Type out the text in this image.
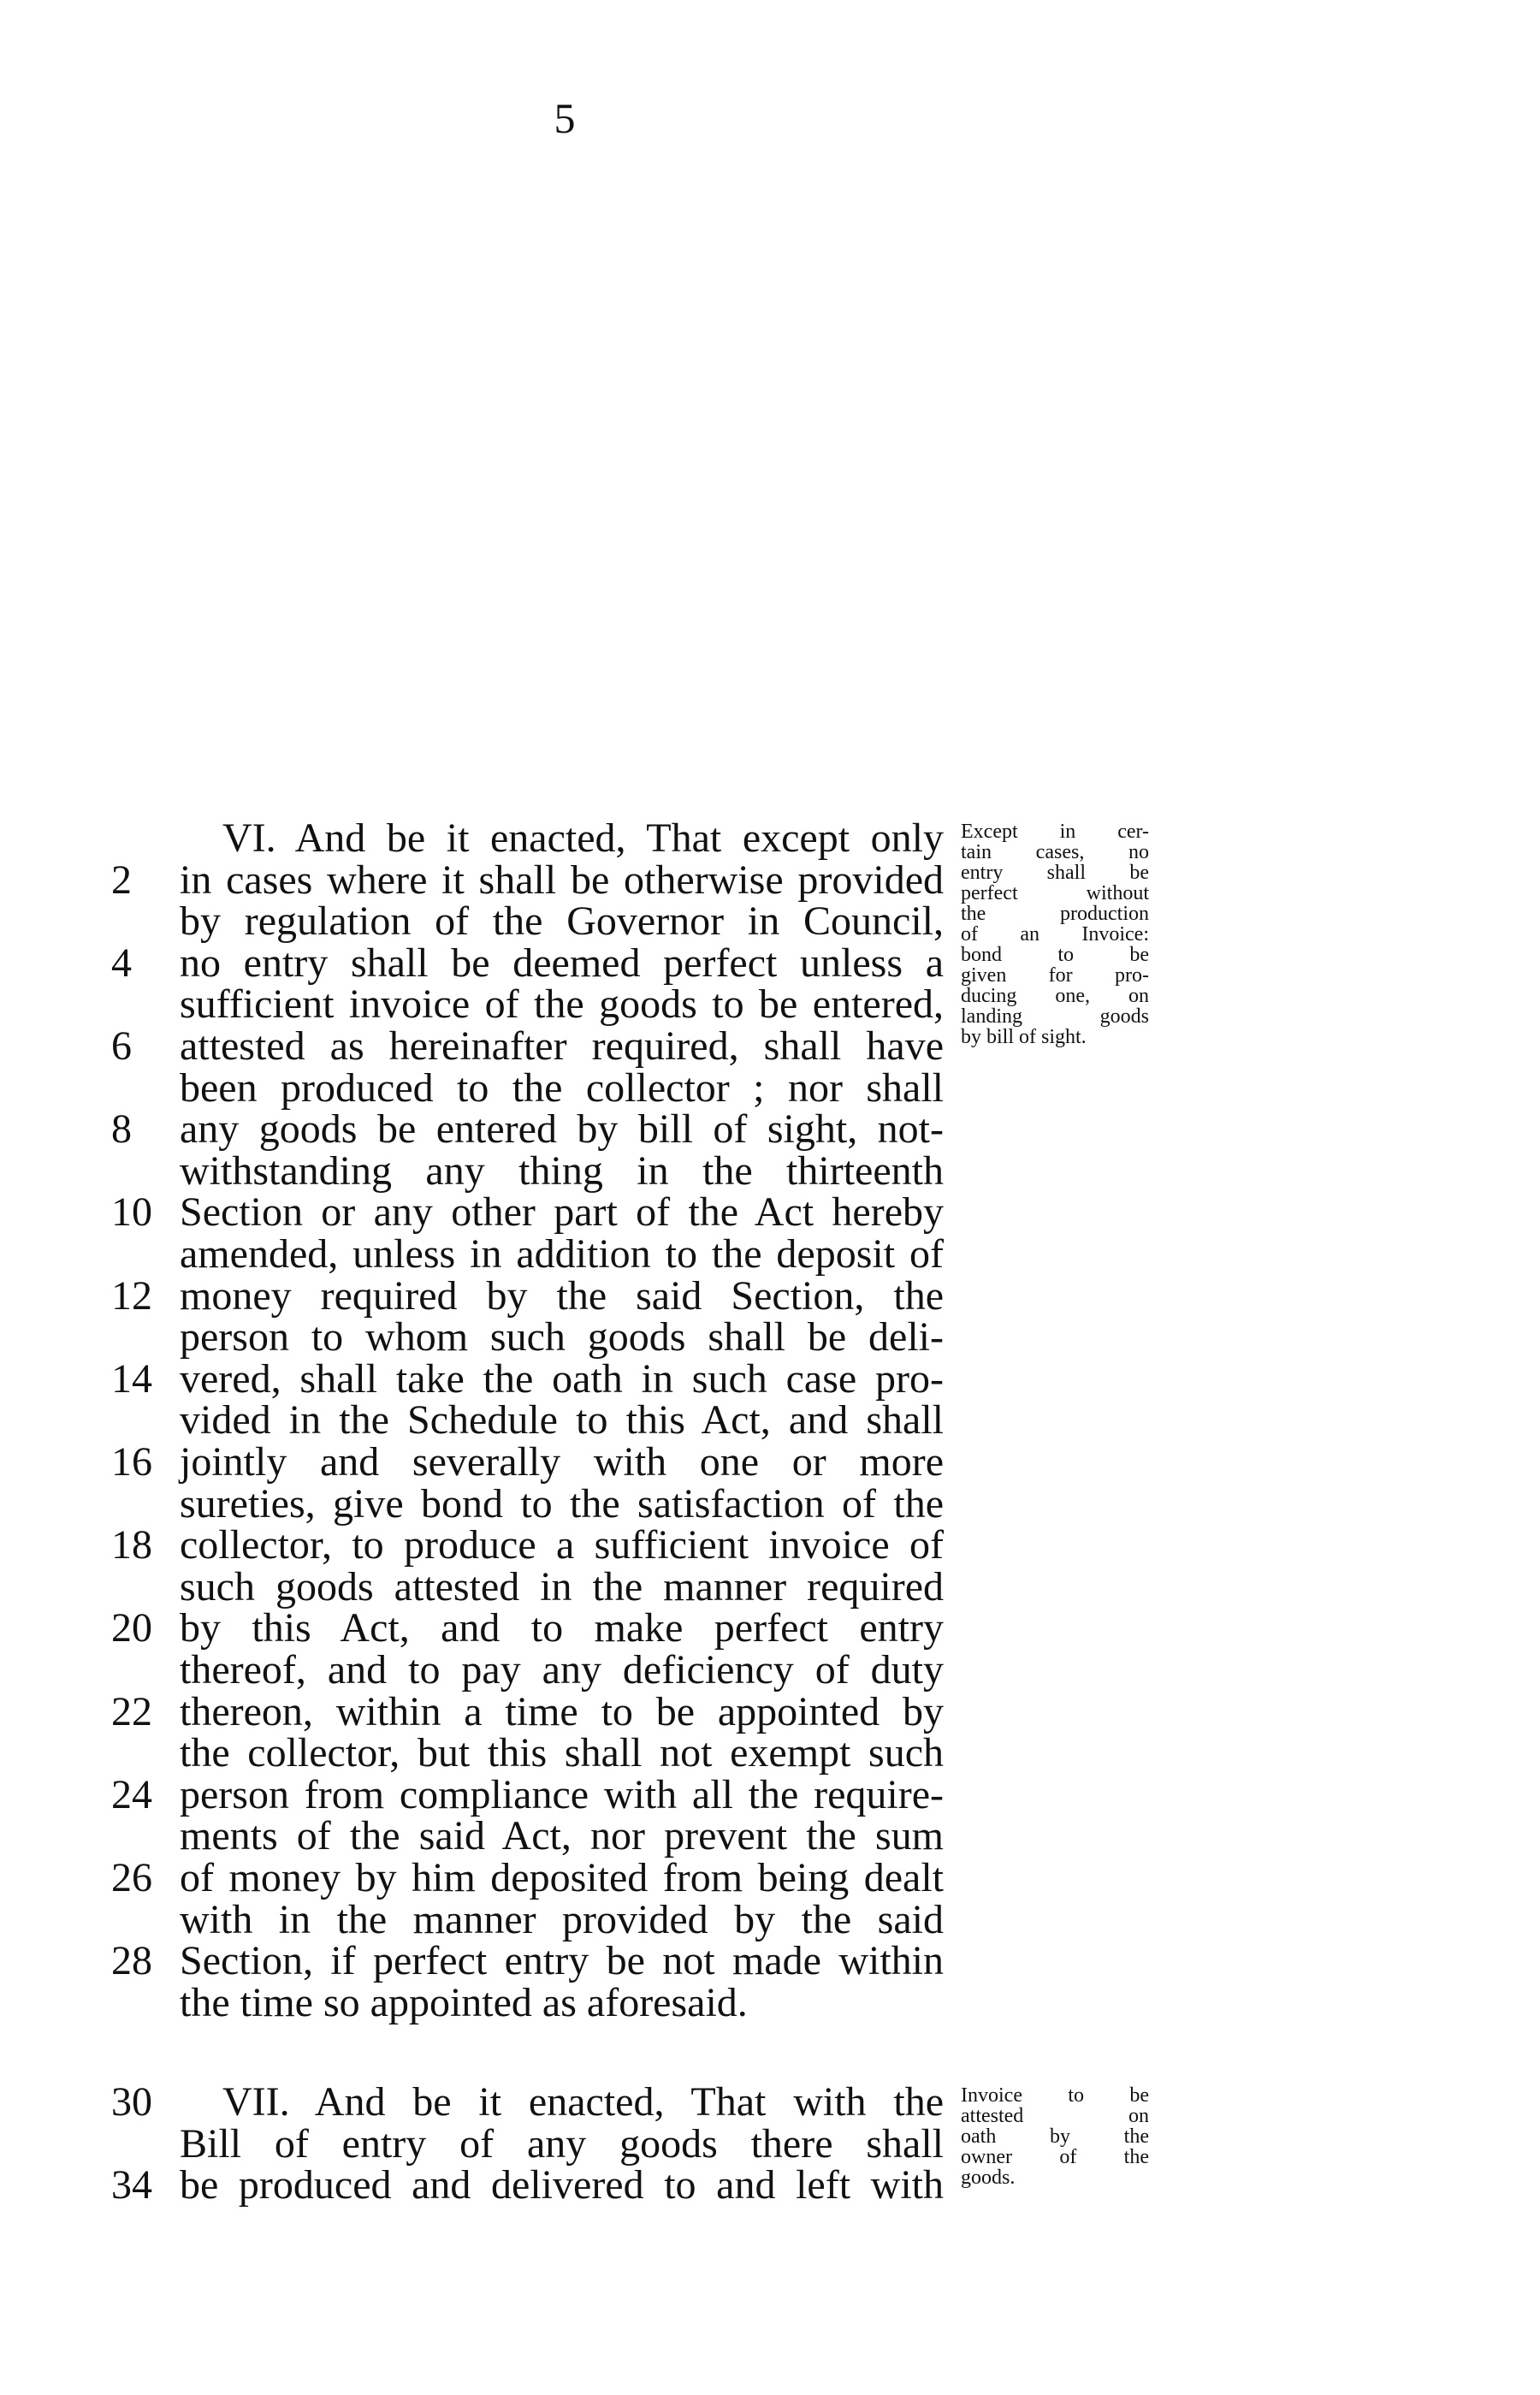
5
VI. And be it enacted, That except only
2	in cases where it shall be otherwise provided
by regulation of the Governor in Council,
4	no entry shall be deemed perfect unless a
sufficient invoice of the goods to be entered,
6	attested as hereinafter required, shall have
been produced to the collector ; nor shall
8	any goods be entered by bill of sight, not-
withstanding any thing in the thirteenth
10 Section or any other part of the Act hereby
amended, unless in addition to the deposit of
12 money required by the said Section, the
person to whom such goods shall be deli-
14 vered, shall take the oath in such case pro-
vided in the Schedule to this Act, and shall
16 jointly and severally with one or more
sureties, give bond to the satisfaction of the
18 collector, to produce a sufficient invoice of
such goods attested in the manner required
20 by this Act, and to make perfect entry
thereof, and to pay any deficiency of duty
22 thereon, within a time to be appointed by
the collector, but this shall not exempt such
24 person from compliance with all the require-
ments of the said Act, nor prevent the sum
26 of money by him deposited from being dealt
with in the manner provided by the said
28 Section, if perfect entry be not made within
the time so appointed as aforesaid.
Except in cer-
tain cases, no
entry shall be
perfect without
the production
of an Invoice:
bond to be
given for pro-
ducing one, on
landing goods
by bill of sight.
30	VII. And be it enacted, That with the
Bill of entry of any goods there shall
34 be produced and delivered to and left with
Invoice to be
attested on
oath by the
owner of the
goods.
